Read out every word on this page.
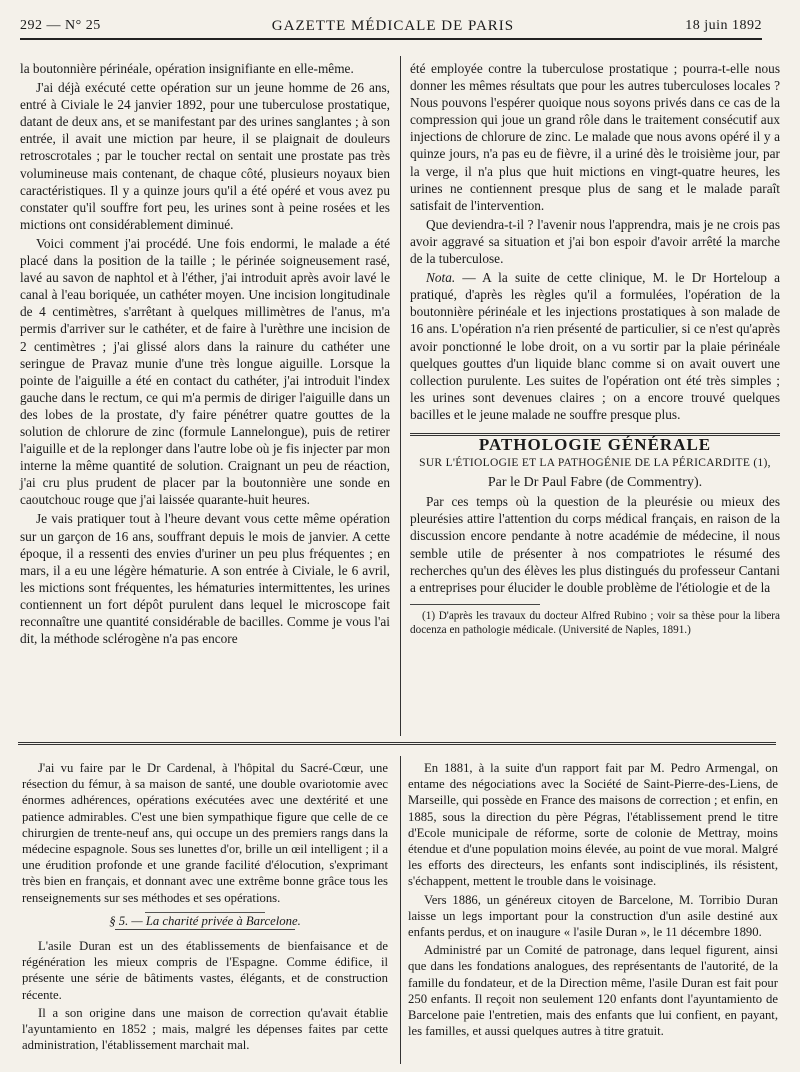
292 — N° 25	GAZETTE MÉDICALE DE PARIS	18 juin 1892

la boutonnière périnéale, opération insignifiante en elle-même.

J'ai déjà exécuté cette opération sur un jeune homme de 26 ans, entré à Civiale le 24 janvier 1892, pour une tuberculose prostatique, datant de deux ans, et se manifestant par des urines sanglantes ; à son entrée, il avait une miction par heure, il se plaignait de douleurs retroscrotales ; par le toucher rectal on sentait une prostate pas très volumineuse mais contenant, de chaque côté, plusieurs noyaux bien caractéristiques. Il y a quinze jours qu'il a été opéré et vous avez pu constater qu'il souffre fort peu, les urines sont à peine rosées et les mictions ont considérablement diminué.

Voici comment j'ai procédé. Une fois endormi, le malade a été placé dans la position de la taille ; le périnée soigneusement rasé, lavé au savon de naphtol et à l'éther, j'ai introduit après avoir lavé le canal à l'eau boriquée, un cathéter moyen. Une incision longitudinale de 4 centimètres, s'arrêtant à quelques millimètres de l'anus, m'a permis d'arriver sur le cathéter, et de faire à l'urèthre une incision de 2 centimètres ; j'ai glissé alors dans la rainure du cathéter une seringue de Pravaz munie d'une très longue aiguille. Lorsque la pointe de l'aiguille a été en contact du cathéter, j'ai introduit l'index gauche dans le rectum, ce qui m'a permis de diriger l'aiguille dans un des lobes de la prostate, d'y faire pénétrer quatre gouttes de la solution de chlorure de zinc (formule Lannelongue), puis de retirer l'aiguille et de la replonger dans l'autre lobe où je fis injecter par mon interne la même quantité de solution. Craignant un peu de réaction, j'ai cru plus prudent de placer par la boutonnière une sonde en caoutchouc rouge que j'ai laissée quarante-huit heures.

Je vais pratiquer tout à l'heure devant vous cette même opération sur un garçon de 16 ans, souffrant depuis le mois de janvier. A cette époque, il a ressenti des envies d'uriner un peu plus fréquentes ; en mars, il a eu une légère hématurie. A son entrée à Civiale, le 6 avril, les mictions sont fréquentes, les hématuries intermittentes, les urines contiennent un fort dépôt purulent dans lequel le microscope fait reconnaître une quantité considérable de bacilles. Comme je vous l'ai dit, la méthode sclérogène n'a pas encore

été employée contre la tuberculose prostatique ; pourra-t-elle nous donner les mêmes résultats que pour les autres tuberculoses locales ? Nous pouvons l'espérer quoique nous soyons privés dans ce cas de la compression qui joue un grand rôle dans le traitement consécutif aux injections de chlorure de zinc. Le malade que nous avons opéré il y a quinze jours, n'a pas eu de fièvre, il a uriné dès le troisième jour, par la verge, il n'a plus que huit mictions en vingt-quatre heures, les urines ne contiennent presque plus de sang et le malade paraît satisfait de l'intervention.

Que deviendra-t-il ? l'avenir nous l'apprendra, mais je ne crois pas avoir aggravé sa situation et j'ai bon espoir d'avoir arrêté la marche de la tuberculose.

Nota. — A la suite de cette clinique, M. le Dr Horteloup a pratiqué, d'après les règles qu'il a formulées, l'opération de la boutonnière périnéale et les injections prostatiques à son malade de 16 ans. L'opération n'a rien présenté de particulier, si ce n'est qu'après avoir ponctionné le lobe droit, on a vu sortir par la plaie périnéale quelques gouttes d'un liquide blanc comme si on avait ouvert une collection purulente. Les suites de l'opération ont été très simples ; les urines sont devenues claires ; on a encore trouvé quelques bacilles et le jeune malade ne souffre presque plus.

PATHOLOGIE GÉNÉRALE

SUR L'ÉTIOLOGIE ET LA PATHOGÉNIE DE LA PÉRICARDITE (1),

Par le Dr Paul Fabre (de Commentry).

Par ces temps où la question de la pleurésie ou mieux des pleurésies attire l'attention du corps médical français, en raison de la discussion encore pendante à notre académie de médecine, il nous semble utile de présenter à nos compatriotes le résumé des recherches qu'un des élèves les plus distingués du professeur Cantani a entreprises pour élucider le double problème de l'étiologie et de la

(1) D'après les travaux du docteur Alfred Rubino ; voir sa thèse pour la libera docenza en pathologie médicale. (Université de Naples, 1891.)

J'ai vu faire par le Dr Cardenal, à l'hôpital du Sacré-Cœur, une résection du fémur, à sa maison de santé, une double ovariotomie avec énormes adhérences, opérations exécutées avec une dextérité et une patience admirables. C'est une bien sympathique figure que celle de ce chirurgien de trente-neuf ans, qui occupe un des premiers rangs dans la médecine espagnole. Sous ses lunettes d'or, brille un œil intelligent ; il a une érudition profonde et une grande facilité d'élocution, s'exprimant très bien en français, et donnant avec une extrême bonne grâce tous les renseignements sur ses méthodes et ses opérations.

§ 5. — La charité privée à Barcelone.

L'asile Duran est un des établissements de bienfaisance et de régénération les mieux compris de l'Espagne. Comme édifice, il présente une série de bâtiments vastes, élégants, et de construction récente.

Il a son origine dans une maison de correction qu'avait établie l'ayuntamiento en 1852 ; mais, malgré les dépenses faites par cette administration, l'établissement marchait mal.

En 1881, à la suite d'un rapport fait par M. Pedro Armengal, on entame des négociations avec la Société de Saint-Pierre-des-Liens, de Marseille, qui possède en France des maisons de correction ; et enfin, en 1885, sous la direction du père Pégras, l'établissement prend le titre d'Ecole municipale de réforme, sorte de colonie de Mettray, moins étendue et d'une population moins élevée, au point de vue moral. Malgré les efforts des directeurs, les enfants sont indisciplinés, ils résistent, s'échappent, mettent le trouble dans le voisinage.

Vers 1886, un généreux citoyen de Barcelone, M. Torribio Duran laisse un legs important pour la construction d'un asile destiné aux enfants perdus, et on inaugure « l'asile Duran », le 11 décembre 1890.

Administré par un Comité de patronage, dans lequel figurent, ainsi que dans les fondations analogues, des représentants de l'autorité, de la famille du fondateur, et de la Direction même, l'asile Duran est fait pour 250 enfants. Il reçoit non seulement 120 enfants dont l'ayuntamiento de Barcelone paie l'entretien, mais des enfants que lui confient, en payant, les familles, et aussi quelques autres à titre gratuit.
